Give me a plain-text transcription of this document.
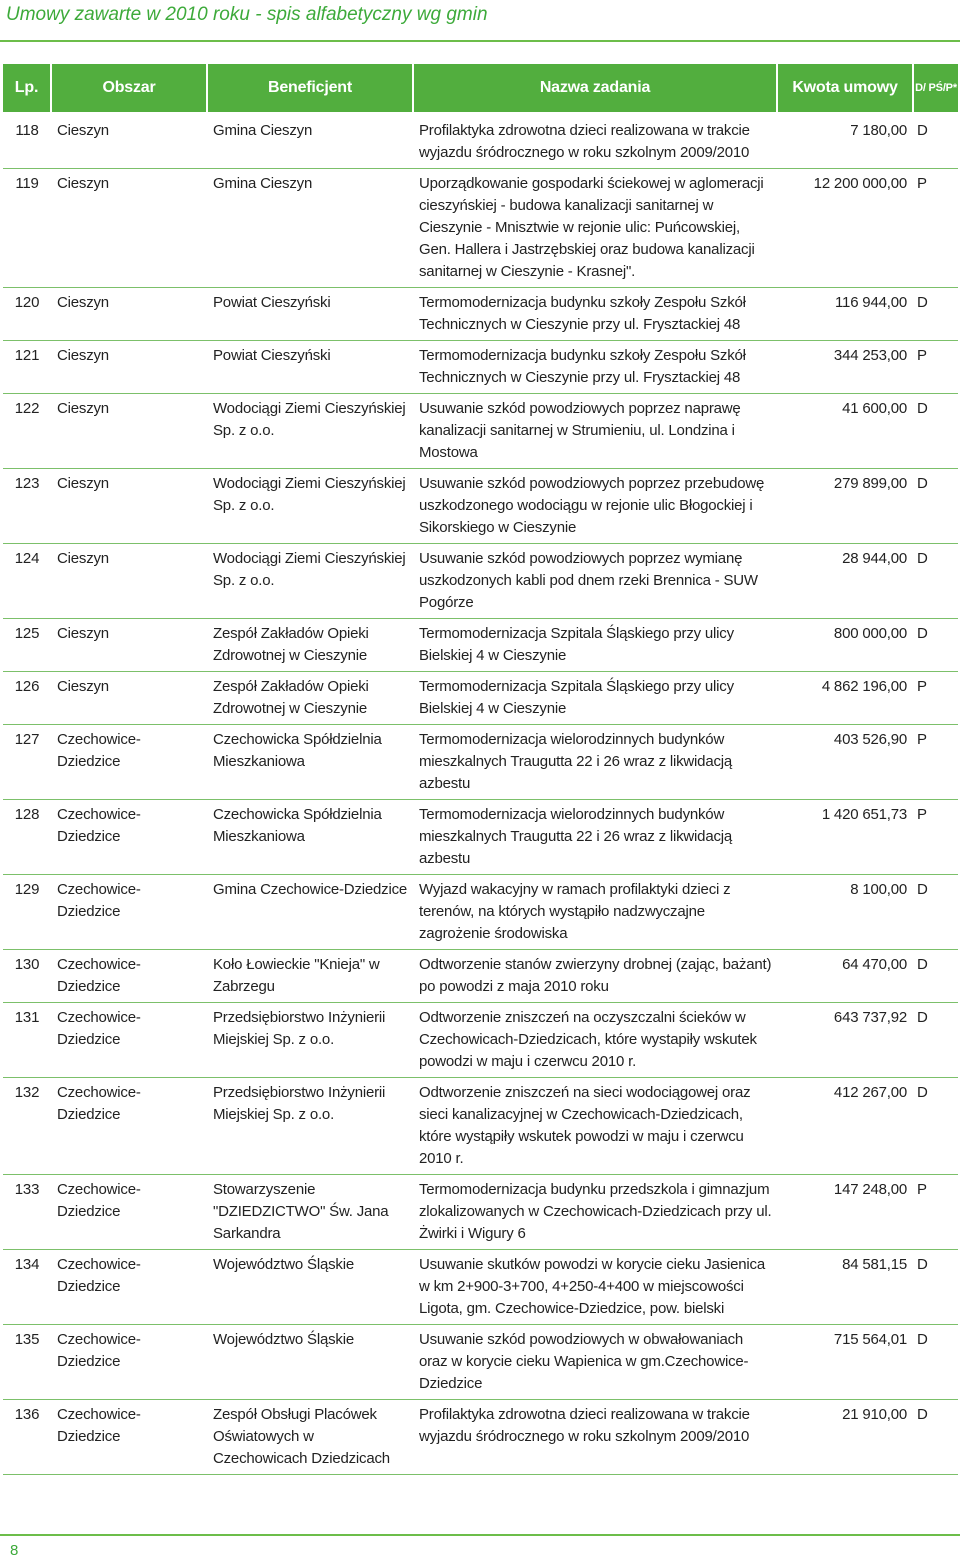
Umowy zawarte w 2010 roku - spis alfabetyczny wg gmin
Lp.	Obszar	Beneficjent	Nazwa zadania	Kwota umowy	D/ PŚ/P*
118	Cieszyn	Gmina Cieszyn	Profilaktyka zdrowotna dzieci realizowana w trakcie wyjazdu śródrocznego w roku szkolnym 2009/2010	7 180,00	D
119	Cieszyn	Gmina Cieszyn	Uporządkowanie gospodarki ściekowej w aglomeracji cieszyńskiej - budowa kanalizacji sanitarnej w Cieszynie - Mnisztwie w rejonie ulic: Puńcowskiej, Gen. Hallera i Jastrzębskiej oraz budowa kanalizacji sanitarnej w Cieszynie - Krasnej".	12 200 000,00	P
120	Cieszyn	Powiat Cieszyński	Termomodernizacja budynku szkoły Zespołu Szkół Technicznych w Cieszynie przy ul. Frysztackiej 48	116 944,00	D
121	Cieszyn	Powiat Cieszyński	Termomodernizacja budynku szkoły Zespołu Szkół Technicznych w Cieszynie przy ul. Frysztackiej 48	344 253,00	P
122	Cieszyn	Wodociągi Ziemi Cieszyńskiej Sp. z o.o.	Usuwanie szkód powodziowych poprzez naprawę kanalizacji sanitarnej w Strumieniu, ul. Londzina i Mostowa	41 600,00	D
123	Cieszyn	Wodociągi Ziemi Cieszyńskiej Sp. z o.o.	Usuwanie szkód powodziowych poprzez przebudowę uszkodzonego wodociągu w rejonie ulic Błogockiej i Sikorskiego w Cieszynie	279 899,00	D
124	Cieszyn	Wodociągi Ziemi Cieszyńskiej Sp. z o.o.	Usuwanie szkód powodziowych poprzez wymianę uszkodzonych kabli pod dnem rzeki Brennica - SUW Pogórze	28 944,00	D
125	Cieszyn	Zespół Zakładów Opieki Zdrowotnej w Cieszynie	Termomodernizacja Szpitala Śląskiego przy ulicy Bielskiej 4 w Cieszynie	800 000,00	D
126	Cieszyn	Zespół Zakładów Opieki Zdrowotnej w Cieszynie	Termomodernizacja Szpitala Śląskiego przy ulicy Bielskiej 4 w Cieszynie	4 862 196,00	P
127	Czechowice-Dziedzice	Czechowicka Spółdzielnia Mieszkaniowa	Termomodernizacja wielorodzinnych budynków mieszkalnych Traugutta 22 i 26 wraz z likwidacją azbestu	403 526,90	P
128	Czechowice-Dziedzice	Czechowicka Spółdzielnia Mieszkaniowa	Termomodernizacja wielorodzinnych budynków mieszkalnych Traugutta 22 i 26 wraz z likwidacją azbestu	1 420 651,73	P
129	Czechowice-Dziedzice	Gmina Czechowice-Dziedzice	Wyjazd wakacyjny w ramach profilaktyki dzieci z terenów, na których wystąpiło nadzwyczajne zagrożenie środowiska	8 100,00	D
130	Czechowice-Dziedzice	Koło Łowieckie "Knieja" w Zabrzegu	Odtworzenie stanów zwierzyny drobnej (zając, bażant) po powodzi z maja 2010 roku	64 470,00	D
131	Czechowice-Dziedzice	Przedsiębiorstwo Inżynierii Miejskiej Sp. z o.o.	Odtworzenie zniszczeń na oczyszczalni ścieków w Czechowicach-Dziedzicach, które wystapiły wskutek powodzi w maju i czerwcu 2010 r.	643 737,92	D
132	Czechowice-Dziedzice	Przedsiębiorstwo Inżynierii Miejskiej Sp. z o.o.	Odtworzenie zniszczeń na sieci wodociągowej oraz sieci kanalizacyjnej w Czechowicach-Dziedzicach, które wystąpiły wskutek powodzi w maju i czerwcu 2010 r.	412 267,00	D
133	Czechowice-Dziedzice	Stowarzyszenie "DZIEDZICTWO" Św. Jana Sarkandra	Termomodernizacja budynku przedszkola i gimnazjum zlokalizowanych w Czechowicach-Dziedzicach przy ul. Żwirki i Wigury 6	147 248,00	P
134	Czechowice-Dziedzice	Województwo Śląskie	Usuwanie skutków powodzi w korycie cieku Jasienica w km 2+900-3+700, 4+250-4+400 w miejscowości Ligota, gm. Czechowice-Dziedzice, pow. bielski	84 581,15	D
135	Czechowice-Dziedzice	Województwo Śląskie	Usuwanie szkód powodziowych w obwałowaniach oraz w korycie cieku Wapienica w gm.Czechowice-Dziedzice	715 564,01	D
136	Czechowice-Dziedzice	Zespół Obsługi Placówek Oświatowych w Czechowicach Dziedzicach	Profilaktyka zdrowotna dzieci realizowana w trakcie wyjazdu śródrocznego w roku szkolnym 2009/2010	21 910,00	D
8
